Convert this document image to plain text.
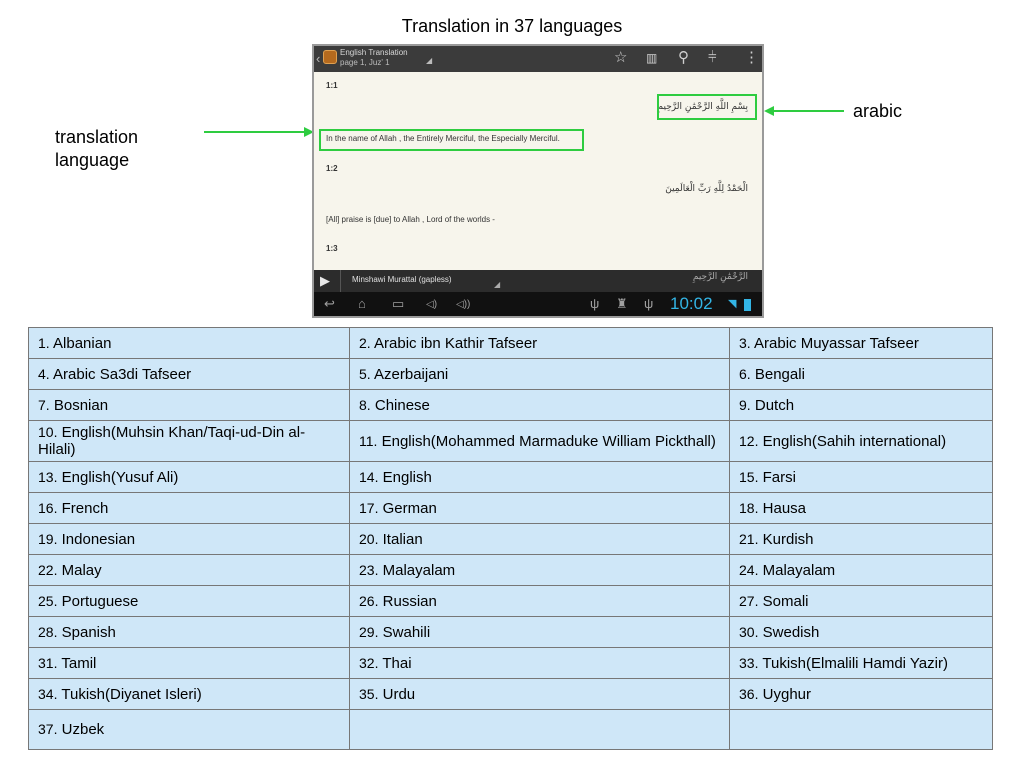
Translation in 37 languages
translation
language
arabic
‹ English Translation
page 1, Juz' 1	◢	☆ ▥ ⚲ ⫩ ⋮
1:1
بِسْمِ اللَّهِ الرَّحْمَٰنِ الرَّحِيمِ
In the name of Allah , the Entirely Merciful, the Especially Merciful.
1:2
الْحَمْدُ لِلَّهِ رَبِّ الْعَالَمِينَ
[All] praise is [due] to Allah , Lord of the worlds -
1:3
▶	Minshawi Murattal (gapless)
◢
الرَّحْمَٰنِ الرَّحِيمِ
↩ ⌂ ▭ ◁) ◁))	ψ ♜ ψ 10:02 ◥
1. Albanian	2. Arabic ibn Kathir Tafseer	3. Arabic Muyassar Tafseer
4. Arabic Sa3di Tafseer	5. Azerbaijani	6. Bengali
7. Bosnian	8. Chinese	9. Dutch
10. English(Muhsin Khan/Taqi-ud-Din al-Hilali)	11. English(Mohammed Marmaduke William Pickthall)	12. English(Sahih international)
13. English(Yusuf Ali)	14. English	15. Farsi
16. French	17. German	18. Hausa
19. Indonesian	20. Italian	21. Kurdish
22. Malay	23. Malayalam	24. Malayalam
25. Portuguese	26. Russian	27. Somali
28. Spanish	29. Swahili	30. Swedish
31. Tamil	32. Thai	33. Tukish(Elmalili Hamdi Yazir)
34. Tukish(Diyanet Isleri)	35. Urdu	36. Uyghur
37. Uzbek		
